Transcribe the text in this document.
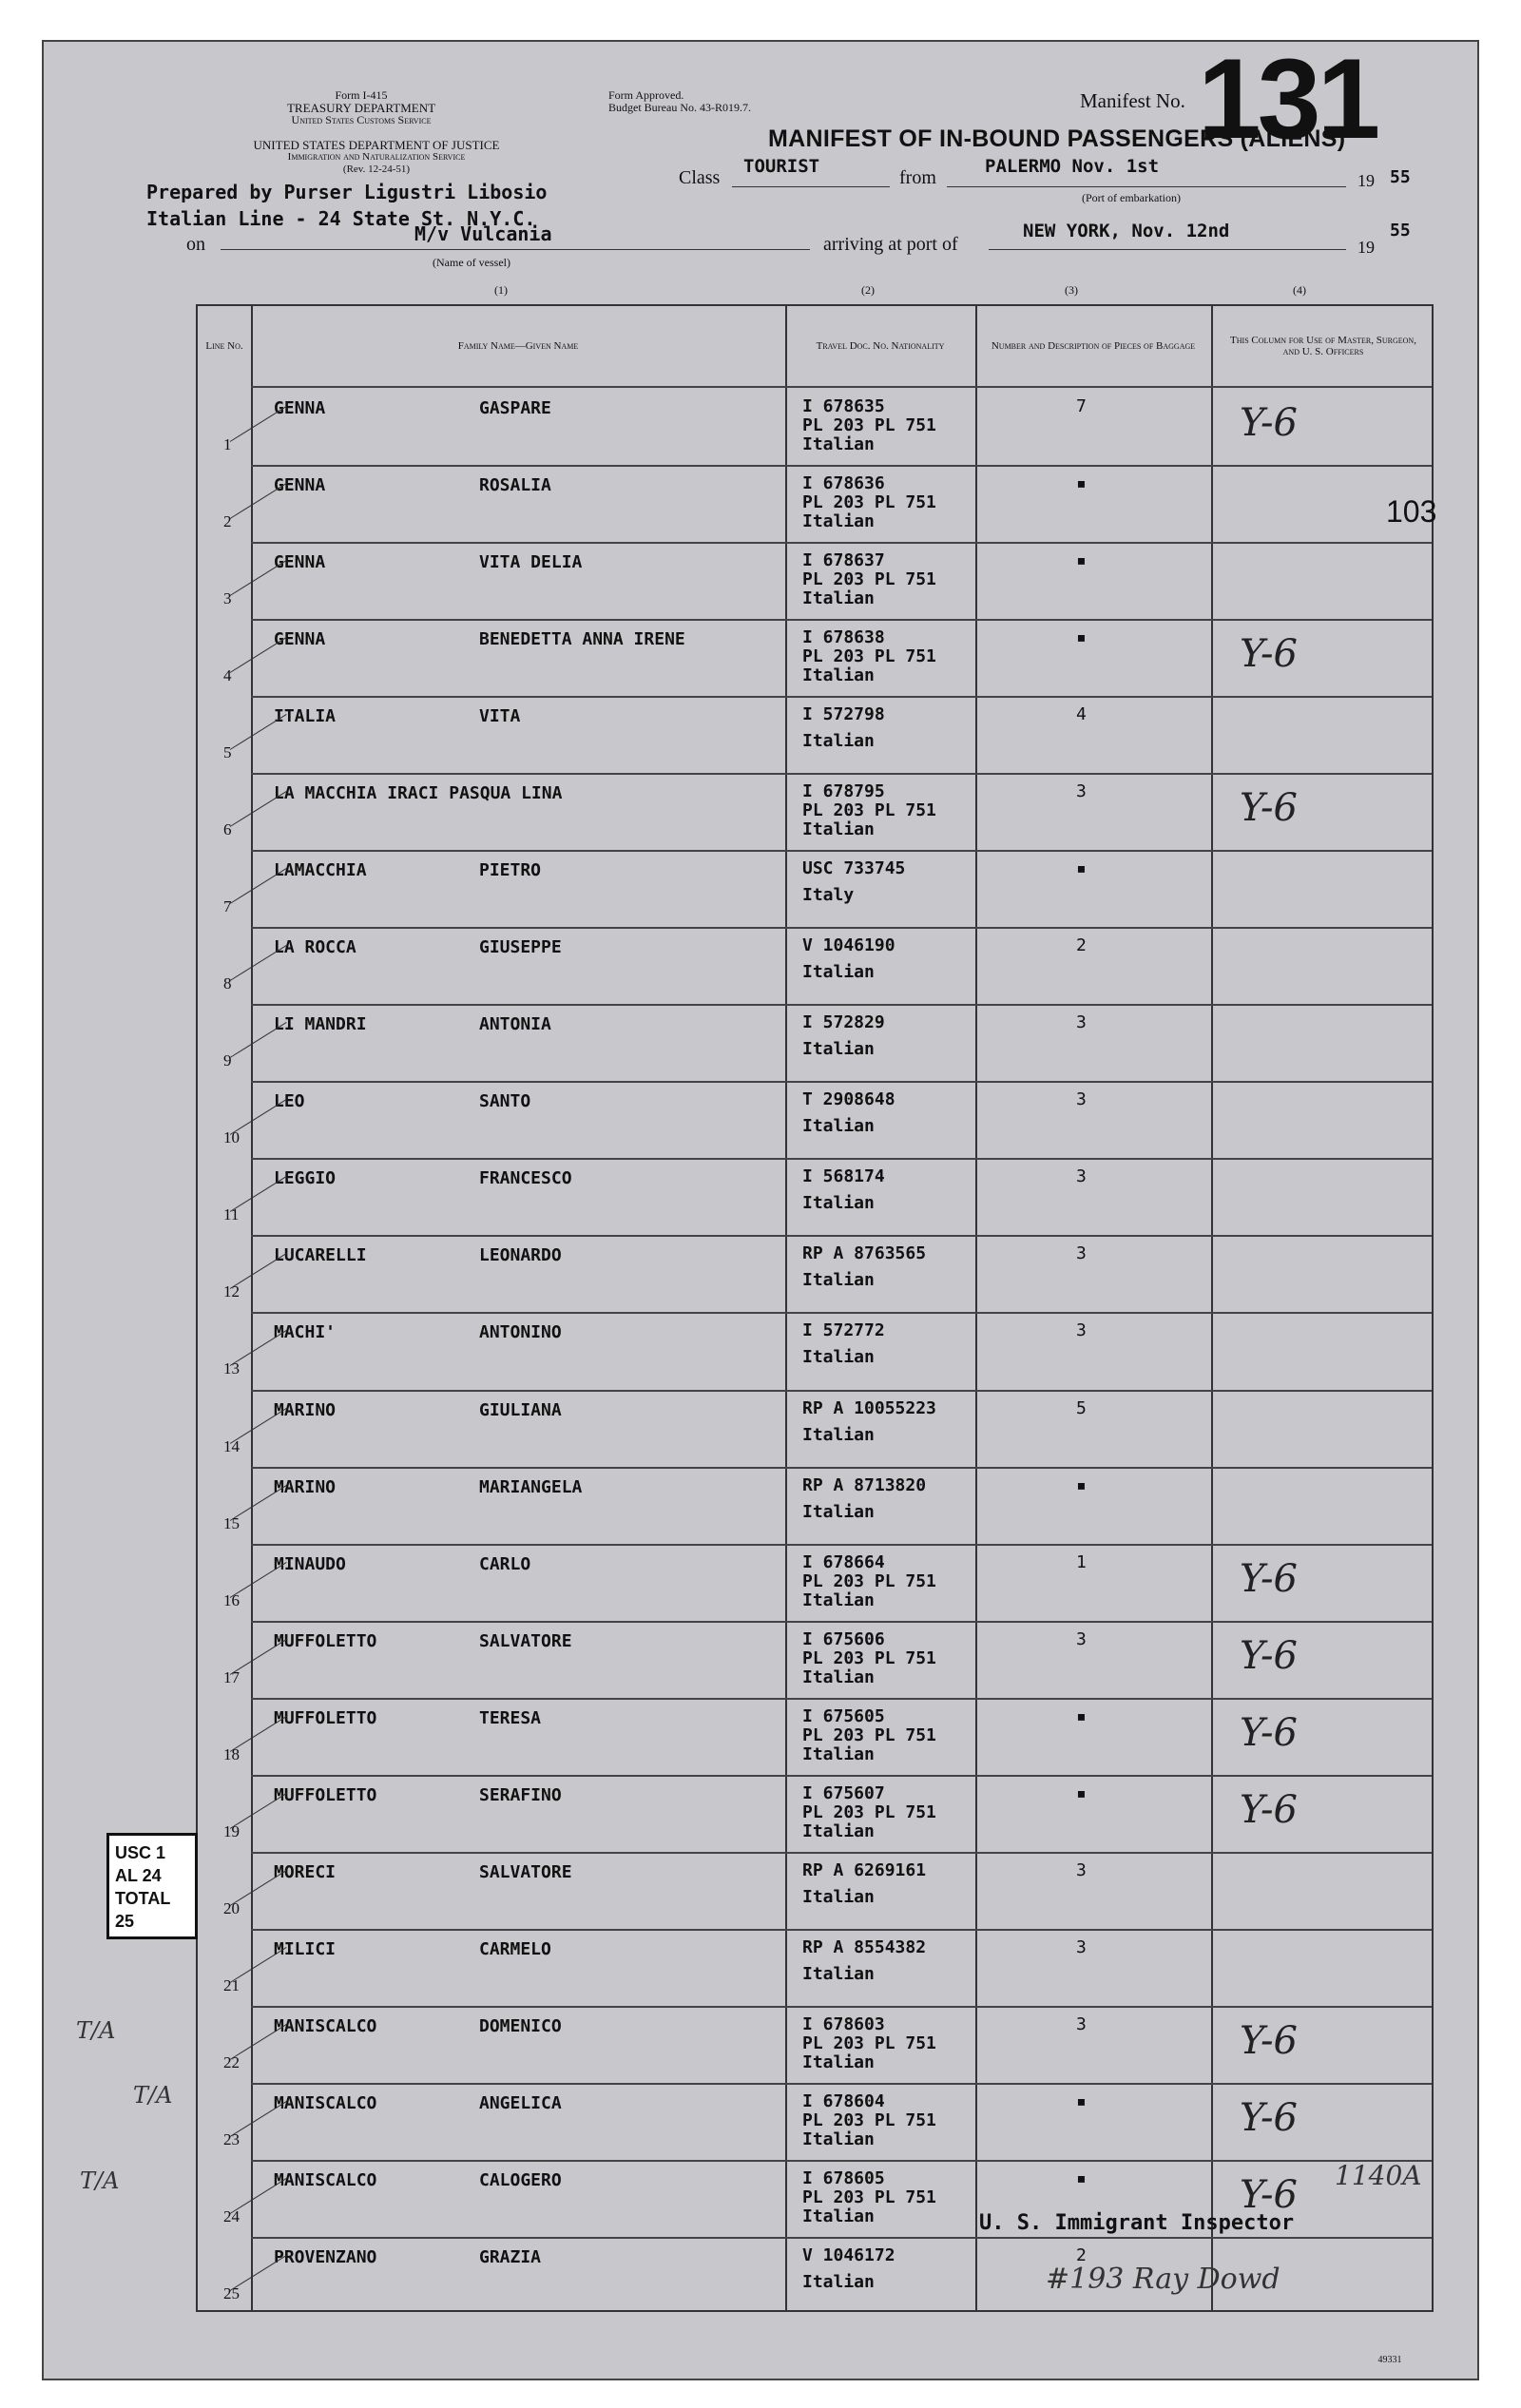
Form I-415
TREASURY DEPARTMENT
United States Customs Service
UNITED STATES DEPARTMENT OF JUSTICE
Immigration and Naturalization Service
(Rev. 12-24-51)
Form Approved.
Budget Bureau No. 43-R019.7.	Manifest No. 131
MANIFEST OF IN-BOUND PASSENGERS (ALIENS)
Prepared by Purser Ligustri Libosio
Italian Line - 24 State St. N.Y.C.
on	M/v Vulcania
(Name of vessel)
Class
TOURIST
from
PALERMO Nov. 1st
19 55
(Port of embarkation)
arriving at port of
NEW YORK, Nov. 12nd
19
55
(1)	(2)	(3)	(4)
Line No.	Family Name—Given Name	Travel Doc. No. Nationality	Number and Description of Pieces of Baggage	This Column for Use of Master, Surgeon, and U. S. Officers
1
GENNA	GASPARE	I 678635
PL 203 PL 751
Italian
7	Y-6
2
GENNA	ROSALIA	I 678636
PL 203 PL 751
Italian
▪
3
GENNA	VITA DELIA	I 678637
PL 203 PL 751
Italian
▪
4
GENNA	BENEDETTA ANNA IRENE	I 678638
PL 203 PL 751
Italian
▪	Y-6
5
ITALIA	VITA	I 572798
Italian
4
6
LA MACCHIA IRACI PASQUA LINA	I 678795
PL 203 PL 751
Italian
3	Y-6
7
LAMACCHIA	PIETRO	USC 733745
Italy
▪
8
LA ROCCA	GIUSEPPE	V 1046190
Italian
2
9
LI MANDRI	ANTONIA	I 572829
Italian
3
10
LEO	SANTO	T 2908648
Italian
3
11
LEGGIO	FRANCESCO	I 568174
Italian
3
12
LUCARELLI	LEONARDO	RP A 8763565
Italian
3
13
MACHI'	ANTONINO	I 572772
Italian
3
14
MARINO	GIULIANA	RP A 10055223
Italian
5
15
MARINO	MARIANGELA	RP A 8713820
Italian
▪
16
MINAUDO	CARLO	I 678664
PL 203 PL 751
Italian
1	Y-6
17
MUFFOLETTO	SALVATORE	I 675606
PL 203 PL 751
Italian
3	Y-6
18
MUFFOLETTO	TERESA	I 675605
PL 203 PL 751
Italian
▪	Y-6
19
MUFFOLETTO	SERAFINO	I 675607
PL 203 PL 751
Italian
▪	Y-6
20
MORECI	SALVATORE	RP A 6269161
Italian
3
21
MILICI	CARMELO	RP A 8554382
Italian
3
22
MANISCALCO	DOMENICO	I 678603
PL 203 PL 751
Italian
3	Y-6
23
MANISCALCO	ANGELICA	I 678604
PL 203 PL 751
Italian
▪	Y-6
24
MANISCALCO	CALOGERO	I 678605
PL 203 PL 751
Italian
▪	Y-6
25
PROVENZANO	GRAZIA	V 1046172
Italian
2
103
U. S. Immigrant Inspector
1140A
#193 Ray Dowd
USC 1
AL 24
TOTAL 25
T/A
T/A
T/A
49331
